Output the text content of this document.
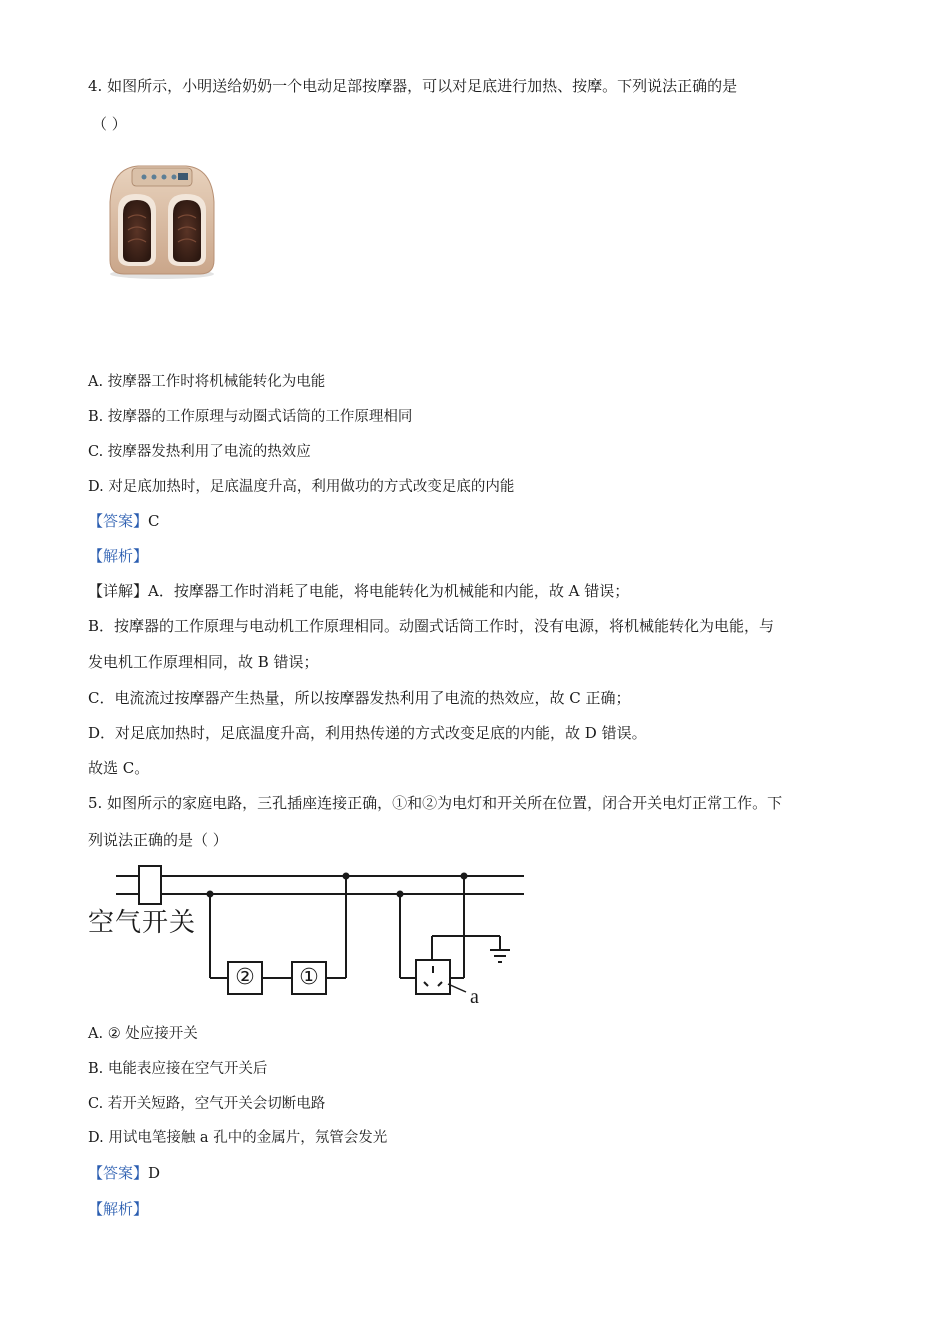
4. 如图所示，小明送给奶奶一个电动足部按摩器，可以对足底进行加热、按摩。下列说法正确的是
（ ）
A. 按摩器工作时将机械能转化为电能
B. 按摩器的工作原理与动圈式话筒的工作原理相同
C. 按摩器发热利用了电流的热效应
D. 对足底加热时，足底温度升高，利用做功的方式改变足底的内能
【答案】C
【解析】
【详解】A．按摩器工作时消耗了电能，将电能转化为机械能和内能，故 A 错误；
B．按摩器的工作原理与电动机工作原理相同。动圈式话筒工作时，没有电源，将机械能转化为电能，与
发电机工作原理相同，故 B 错误；
C．电流流过按摩器产生热量，所以按摩器发热利用了电流的热效应，故 C 正确；
D．对足底加热时，足底温度升高，利用热传递的方式改变足底的内能，故 D 错误。
故选 C。
5. 如图所示的家庭电路，三孔插座连接正确，①和②为电灯和开关所在位置，闭合开关电灯正常工作。下
列说法正确的是（ ）
空气开关
②	①
a
A. ② 处应接开关
B. 电能表应接在空气开关后
C. 若开关短路，空气开关会切断电路
D. 用试电笔接触 a 孔中的金属片，氖管会发光
【答案】D
【解析】
